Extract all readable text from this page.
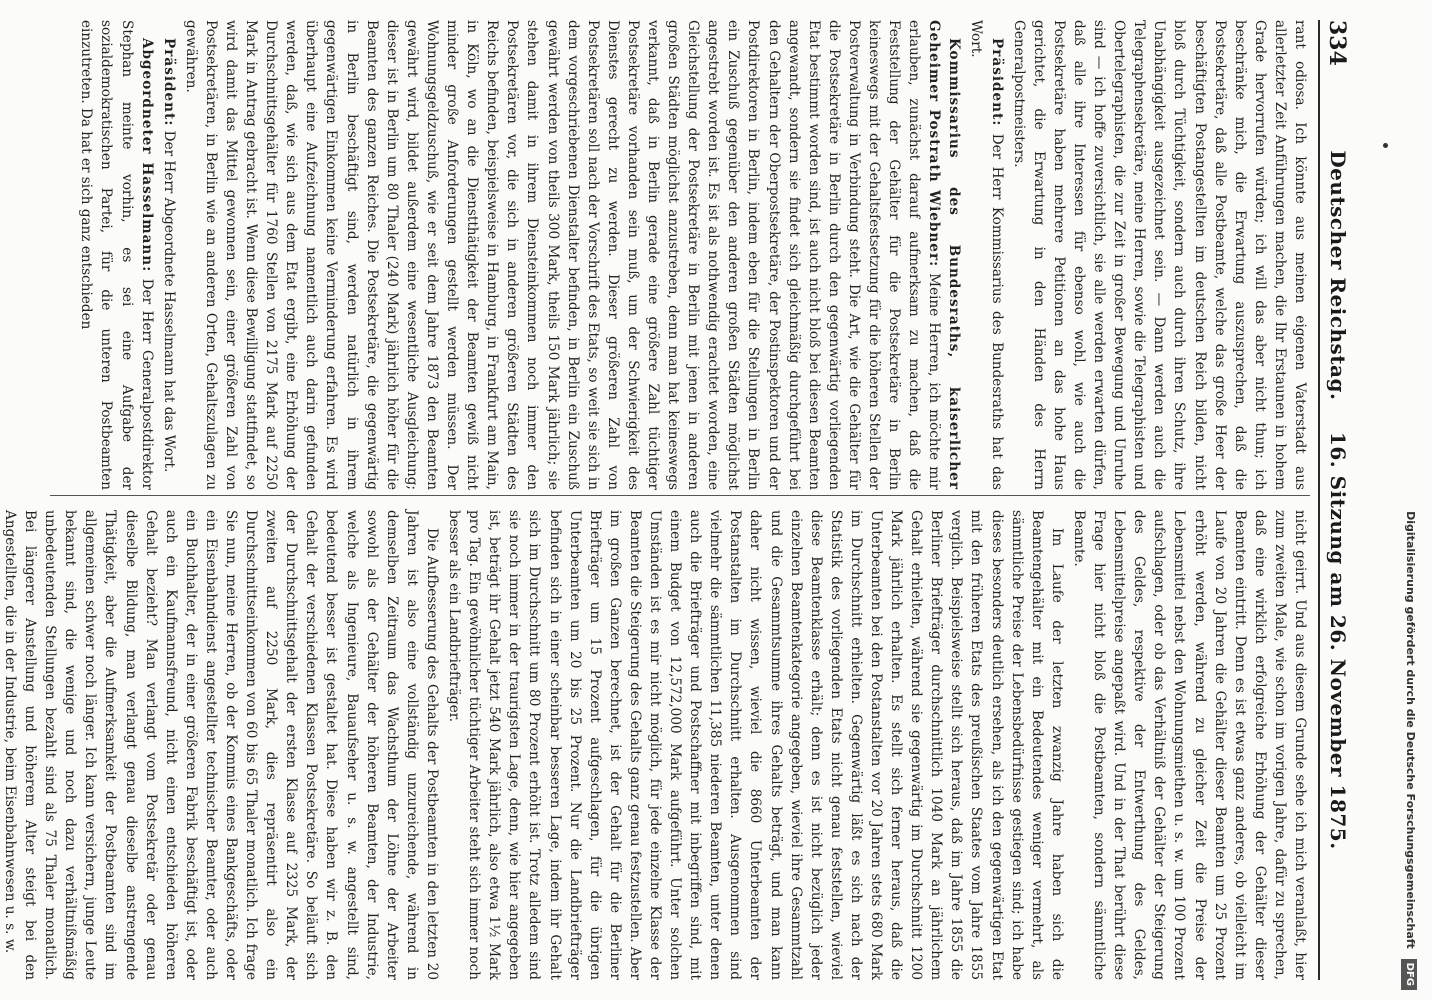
334
Deutscher Reichstag. 16. Sitzung am 26. November 1875.

rant odiosa. Ich könnte aus meinen eigenen Vaterstadt aus allerletzter Zeit Anführungen machen, die Ihr Erstaunen in hohem Grade hervorrufen würden; ich will das aber nicht thun; ich beschränke mich, die Erwartung auszusprechen, daß die Postsekretäre, daß alle Postbeamte, welche das große Heer der beschäftigten Postangestellten im deutschen Reich bilden, nicht bloß durch Tüchtigkeit, sondern auch durch ihren Schutz, ihre Unabhängigkeit ausgezeichnet sein. — Dann werden auch die Telegraphensekretäre, meine Herren, sowie die Telegraphisten und Obertelegraphisten, die zur Zeit in großer Bewegung und Unruhe sind — ich hoffe zuversichtlich, sie alle werden erwarten dürfen, daß alle ihre Interessen für ebenso wohl, wie auch die Postsekretäre haben mehrere Petitionen an das hohe Haus gerichtet, die Erwartung in den Händen des Herrn Generalpostmeisters.

Präsident: Der Herr Kommissarius des Bundesraths hat das Wort.

Kommissarius des Bundesraths, kaiserlicher Geheimer Postrath Wiebner: Meine Herren, ich möchte mir erlauben, zunächst darauf aufmerksam zu machen, daß die Feststellung der Gehälter für die Postsekretäre in Berlin keineswegs mit der Gehaltsfestsetzung für die höheren Stellen der Postverwaltung in Verbindung steht. Die Art, wie die Gehälter für die Postsekretäre in Berlin durch den gegenwärtig vorliegenden Etat bestimmt worden sind, ist auch nicht bloß bei diesen Beamten angewandt, sondern sie findet sich gleichmäßig durchgeführt bei den Gehaltern der Oberpostsekretäre, der Postinspektoren und der Postdirektoren in Berlin, indem eben für die Stellungen in Berlin ein Zuschuß gegenüber den anderen großen Städten möglichst angestrebt worden ist. Es ist als nothwendig erachtet worden, eine Gleichstellung der Postsekretäre in Berlin mit jenen in anderen großen Städten möglichst anzustreben, denn man hat keineswegs verkannt, daß in Berlin gerade eine größere Zahl tüchtiger Postsekretäre vorhanden sein muß, um der Schwierigkeit des Dienstes gerecht zu werden. Dieser größeren Zahl von Postsekretären soll nach der Vorschrift des Etats, so weit sie sich in dem vorgeschriebenen Dienstalter befinden, in Berlin ein Zuschuß gewährt werden von theils 300 Mark, theils 150 Mark jährlich; sie stehen damit in ihrem Diensteinkommen noch immer den Postsekretären vor, die sich in anderen größeren Städten des Reichs befinden, beispielsweise in Hamburg, in Frankfurt am Main, in Köln, wo an die Dienstthätigkeit der Beamten gewiß nicht minder große Anforderungen gestellt werden müssen. Der Wohnungsgeldzuschuß, wie er seit dem Jahre 1873 den Beamten gewährt wird, bildet außerdem eine wesentliche Ausgleichung; dieser ist in Berlin um 80 Thaler (240 Mark) jährlich höher für die Beamten des ganzen Reiches. Die Postsekretäre, die gegenwärtig in Berlin beschäftigt sind, werden natürlich in ihrem gegenwärtigen Einkommen keine Verminderung erfahren. Es wird überhaupt eine Aufzeichnung namentlich auch darin gefunden werden, daß, wie sich aus dem Etat ergibt, eine Erhöhung der Durchschnittsgehälter für 1760 Stellen von 2175 Mark auf 2250 Mark in Antrag gebracht ist. Wenn diese Bewilligung stattfindet, so wird damit das Mittel gewonnen sein, einer größeren Zahl von Postsekretären, in Berlin wie an anderen Orten, Gehaltszulagen zu gewähren.

Präsident: Der Herr Abgeordnete Hasselmann hat das Wort.

Abgeordneter Hasselmann: Der Herr Generalpostdirektor Stephan meinte vorhin, es sei eine Aufgabe der sozialdemokratischen Partei, für die unteren Postbeamten einzutreten. Da hat er sich ganz entschieden

nicht geirrt. Und aus diesem Grunde sehe ich mich veranlaßt, hier zum zweiten Male, wie schon im vorigen Jahre, dafür zu sprechen, daß eine wirklich erfolgreiche Erhöhung der Gehälter dieser Beamten eintritt. Denn es ist etwas ganz anderes, ob vielleicht im Laufe von 20 Jahren die Gehälter dieser Beamten um 25 Prozent erhöht werden, während zu gleicher Zeit die Preise der Lebensmittel nebst den Wohnungsmiethen u. s. w. um 100 Prozent aufschlagen, oder ob das Verhältniß der Gehälter der Steigerung des Geldes, respektive der Entwerthung des Geldes, Lebensmittelpreise angepaßt wird. Und in der That berührt diese Frage hier nicht bloß die Postbeamten, sondern sämmtliche Beamte.

Im Laufe der letzten zwanzig Jahre haben sich die Beamtengehälter mit ein Bedeutendes weniger vermehrt, als sämmtliche Preise der Lebensbedürfnisse gestiegen sind; ich habe dieses besonders deutlich ersehen, als ich den gegenwärtigen Etat mit den früheren Etats des preußischen Staates vom Jahre 1855 verglich. Beispielsweise stellt sich heraus, daß im Jahre 1855 die Berliner Briefträger durchschnittlich 1040 Mark an jährlichem Gehalt erhielten, während sie gegenwärtig im Durchschnitt 1200 Mark jährlich erhalten. Es stellt sich ferner heraus, daß die Unterbeamten bei den Postanstalten vor 20 Jahren stets 680 Mark im Durchschnitt erhielten. Gegenwärtig läßt es sich nach der Statistik des vorliegenden Etats nicht genau feststellen, wieviel diese Beamtenklasse erhält; denn es ist nicht bezüglich jeder einzelnen Beamtenkategorie angegeben, wieviel ihre Gesammtzahl und die Gesammtsumme ihres Gehalts beträgt, und man kann daher nicht wissen, wieviel die 8660 Unterbeamten der Postanstalten im Durchschnitt erhalten. Ausgenommen sind vielmehr die sämmtlichen 11,385 niederen Beamten, unter denen auch die Briefträger und Postschaffner mit inbegriffen sind, mit einem Budget von 12,572,000 Mark aufgeführt. Unter solchen Umständen ist es mir nicht möglich, für jede einzelne Klasse der Beamten die Steigerung des Gehalts ganz genau festzustellen. Aber im großen Ganzen berechnet, ist der Gehalt für die Berliner Briefträger um 15 Prozent aufgeschlagen, für die übrigen Unterbeamten um 20 bis 25 Prozent. Nur die Landbriefträger befinden sich in einer scheinbar besseren Lage, indem ihr Gehalt sich im Durchschnitt um 80 Prozent erhöht ist. Trotz alledem sind sie noch immer in der traurigsten Lage, denn, wie hier angegeben ist, beträgt ihr Gehalt jetzt 540 Mark jährlich, also etwa 1½ Mark pro Tag. Ein gewöhnlicher tüchtiger Arbeiter steht sich immer noch besser als ein Landbriefträger.

Die Aufbesserung des Gehalts der Postbeamten in den letzten 20 Jahren ist also eine vollständig unzureichende, während in demselben Zeitraum das Wachsthum der Löhne der Arbeiter sowohl als der Gehälter der höheren Beamten, der Industrie, welche als Ingenieure, Bauaufseher u. s. w. angestellt sind, bedeutend besser ist gestaltet hat. Diese haben wir z. B. den Gehalt der verschiedenen Klassen Postsekretäre. So beläuft sich der Durchschnittsgehalt der ersten Klasse auf 2325 Mark, der zweiten auf 2250 Mark, dies repräsentirt also ein Durchschnittseinkommen von 60 bis 65 Thaler monatlich. Ich frage Sie nun, meine Herren, ob der Kommis eines Bankgeschäfts, oder ein Eisenbahndienst angestellter technischer Beamter, oder auch ein Buchhalter, der in einer größeren Fabrik beschäftigt ist, oder auch ein Kaufmannsfreund, nicht einen entschieden höheren Gehalt bezieht? Man verlangt vom Postsekretär oder genau dieselbe Bildung, man verlangt genau dieselbe anstrengende Thätigkeit, aber die Aufmerksamkeit der Postbeamten sind im allgemeinen schwer noch länger. Ich kann versichern, junge Leute bekannt sind, die wenige und noch dazu verhältnißmäßig unbedeutenden Stellungen bezahlt sind als 75 Thaler monatlich. Bei längerer Anstellung und höherem Alter steigt bei den Angestellten, die in der Industrie, beim Eisenbahnwesen u. s. w.	Digitalisierung gefördert durch die Deutsche Forschungsgemeinschaft DFG
